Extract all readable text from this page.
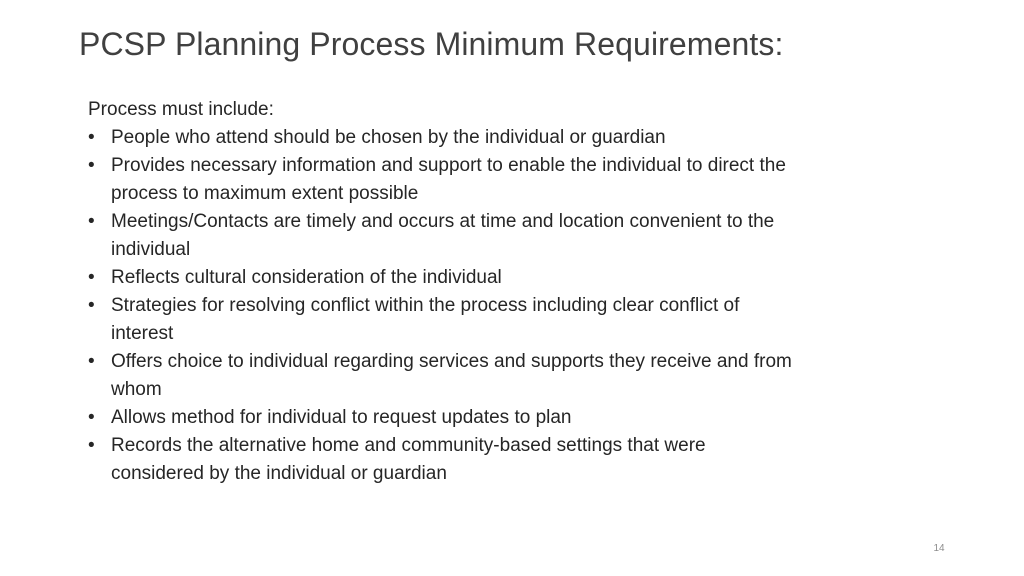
PCSP Planning Process Minimum Requirements:

Process must include:

• People who attend should be chosen by the individual or guardian
• Provides necessary information and support to enable the individual to direct the process to maximum extent possible
• Meetings/Contacts are timely and occurs at time and location convenient to the individual
• Reflects cultural consideration of the individual
• Strategies for resolving conflict within the process including clear conflict of interest
• Offers choice to individual regarding services and supports they receive and from whom
• Allows method for individual to request updates to plan
• Records the alternative home and community-based settings that were considered by the individual or guardian
14
